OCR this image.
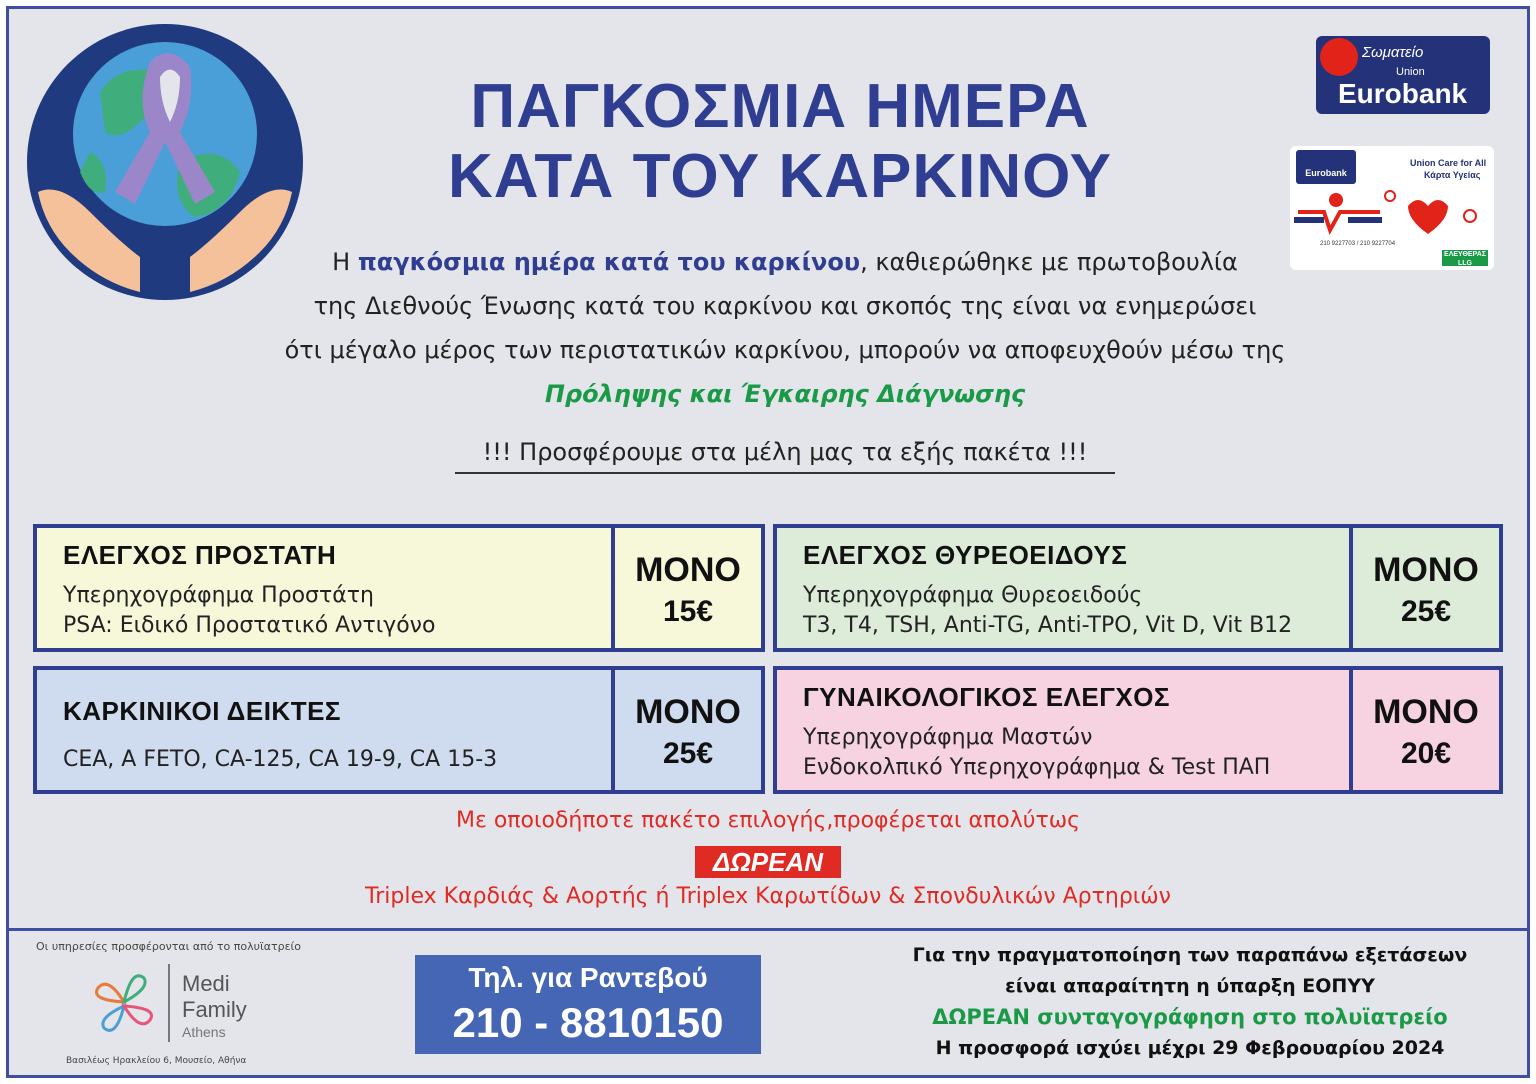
ΠΑΓΚΟΣΜΙΑ ΗΜΕΡΑ
ΚΑΤΑ ΤΟΥ ΚΑΡΚΙΝΟΥ
Σωματείο
Union
Eurobank
Eurobank
Union Care for All
Κάρτα Υγείας
210 9227703 / 210 9227704
ΕΛΕΥΘΕΡΑΣ LLG
Η παγκόσμια ημέρα κατά του καρκίνου, καθιερώθηκε με πρωτοβουλία
της Διεθνούς Ένωσης κατά του καρκίνου και σκοπός της είναι να ενημερώσει
ότι μέγαλο μέρος των περιστατικών καρκίνου, μπορούν να αποφευχθούν μέσω της
Πρόληψης και Έγκαιρης Διάγνωσης
!!! Προσφέρουμε στα μέλη μας τα εξής πακέτα !!!
ΕΛΕΓΧΟΣ ΠΡΟΣΤΑΤΗ
Υπερηχογράφημα Προστάτη
PSA: Ειδικό Προστατικό Αντιγόνο
ΜΟΝΟ
15€
ΕΛΕΓΧΟΣ ΘΥΡΕΟΕΙΔΟΥΣ
Υπερηχογράφημα Θυρεοειδούς
T3, T4, TSH, Anti-TG, Anti-TPO, Vit D, Vit B12
ΜΟΝΟ
25€
ΚΑΡΚΙΝΙΚΟΙ ΔΕΙΚΤΕΣ
CEA, A FETO, CA-125, CA 19-9, CA 15-3
ΜΟΝΟ
25€
ΓΥΝΑΙΚΟΛΟΓΙΚΟΣ ΕΛΕΓΧΟΣ
Υπερηχογράφημα Μαστών
Ενδοκολπικό Υπερηχογράφημα & Test ΠΑΠ
ΜΟΝΟ
20€
Με οποιοδήποτε πακέτο επιλογής,προφέρεται απολύτως
ΔΩΡΕΑΝ
Triplex Καρδιάς & Αορτής ή Triplex Καρωτίδων & Σπονδυλικών Αρτηριών
Οι υπηρεσίες προσφέρονται από το πολυϊατρείο
Medi
Family
Athens
Βασιλέως Ηρακλείου 6, Μουσείο, Αθήνα
Τηλ. για Ραντεβού
210 - 8810150
Για την πραγματοποίηση των παραπάνω εξετάσεων
είναι απαραίτητη η ύπαρξη ΕΟΠΥΥ
ΔΩΡΕΑΝ συνταγογράφηση στο πολυϊατρείο
Η προσφορά ισχύει μέχρι 29 Φεβρουαρίου 2024
